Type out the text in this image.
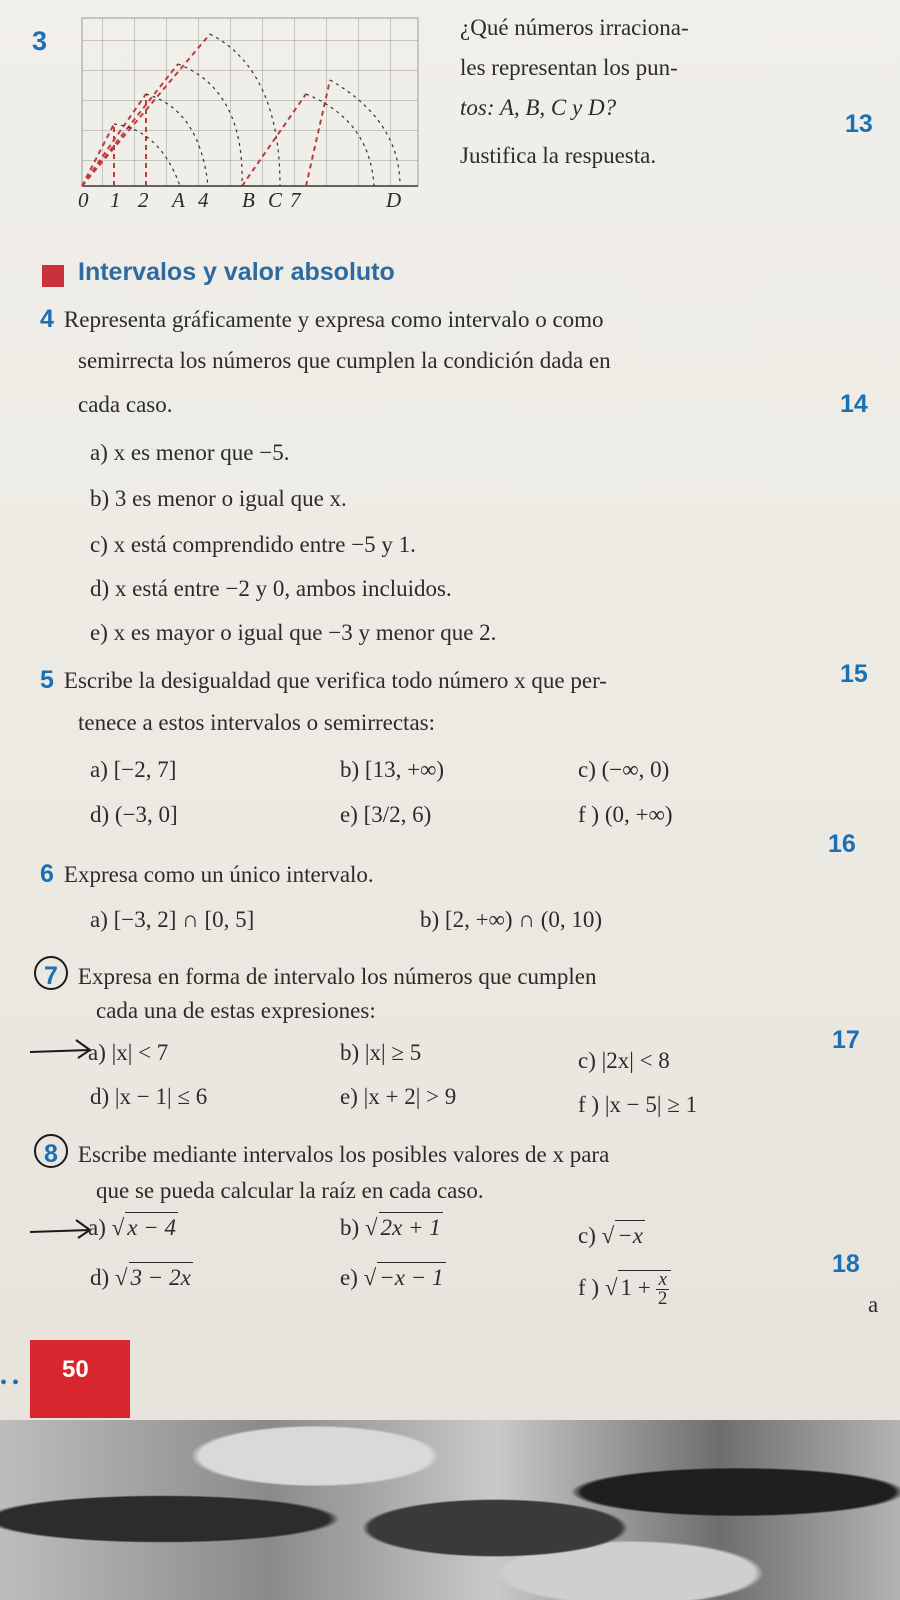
3
0 1 2 A 4 B C 7	D
¿Qué números irraciona-
les representan los pun-
tos: A, B, C y D?
Justifica la respuesta.
13
Intervalos y valor absoluto
4 Representa gráficamente y expresa como intervalo o como
semirrecta los números que cumplen la condición dada en
cada caso.	14
a) x es menor que −5.
b) 3 es menor o igual que x.
c) x está comprendido entre −5 y 1.
d) x está entre −2 y 0, ambos incluidos.
e) x es mayor o igual que −3 y menor que 2.
5 Escribe la desigualdad que verifica todo número x que per-	15
tenece a estos intervalos o semirrectas:
a) [−2, 7]	b) [13, +∞)	c) (−∞, 0)
d) (−3, 0]	e) [3/2, 6)	f ) (0, +∞)
16
6 Expresa como un único intervalo.
a) [−3, 2] ∩ [0, 5]	b) [2, +∞) ∩ (0, 10)
7 Expresa en forma de intervalo los números que cumplen
cada una de estas expresiones:
a) |x| < 7	b) |x| ≥ 5	c) |2x| < 8
17
d) |x − 1| ≤ 6	e) |x + 2| > 9	f ) |x − 5| ≥ 1
8 Escribe mediante intervalos los posibles valores de x para
que se pueda calcular la raíz en cada caso.
a) √ x − 4	b) √ 2x + 1	c) √ −x
d) √ 3 − 2x	e) √ −x − 1	f ) √ $1 + \frac{x}{2}$
18
a
• • 50
